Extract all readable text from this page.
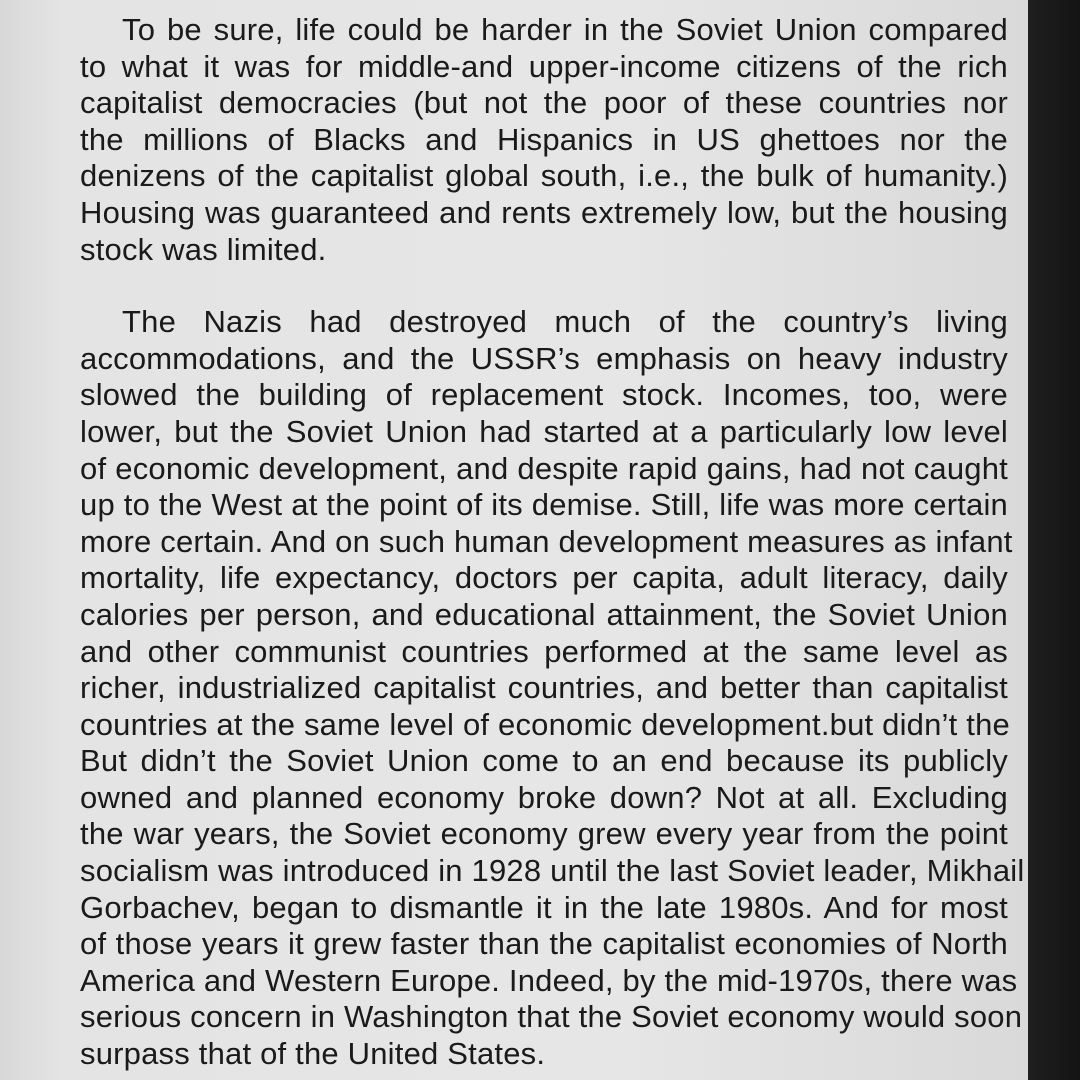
To be sure, life could be harder in the Soviet Union compared
to what it was for middle-and upper-income citizens of the rich
capitalist democracies (but not the poor of these countries nor
the millions of Blacks and Hispanics in US ghettoes nor the
denizens of the capitalist global south, i.e., the bulk of humanity.)
Housing was guaranteed and rents extremely low, but the housing
stock was limited.

The Nazis had destroyed much of the country’s living
accommodations, and the USSR’s emphasis on heavy industry
slowed the building of replacement stock. Incomes, too, were
lower, but the Soviet Union had started at a particularly low level
of economic development, and despite rapid gains, had not caught
up to the West at the point of its demise. Still, life was more certain
more certain. And on such human development measures as infant
mortality, life expectancy, doctors per capita, adult literacy, daily
calories per person, and educational attainment, the Soviet Union
and other communist countries performed at the same level as
richer, industrialized capitalist countries, and better than capitalist
countries at the same level of economic development.but didn’t the
But didn’t the Soviet Union come to an end because its publicly
owned and planned economy broke down? Not at all. Excluding
the war years, the Soviet economy grew every year from the point
socialism was introduced in 1928 until the last Soviet leader, Mikhail
Gorbachev, began to dismantle it in the late 1980s. And for most
of those years it grew faster than the capitalist economies of North
America and Western Europe. Indeed, by the mid-1970s, there was
serious concern in Washington that the Soviet economy would soon
surpass that of the United States.
